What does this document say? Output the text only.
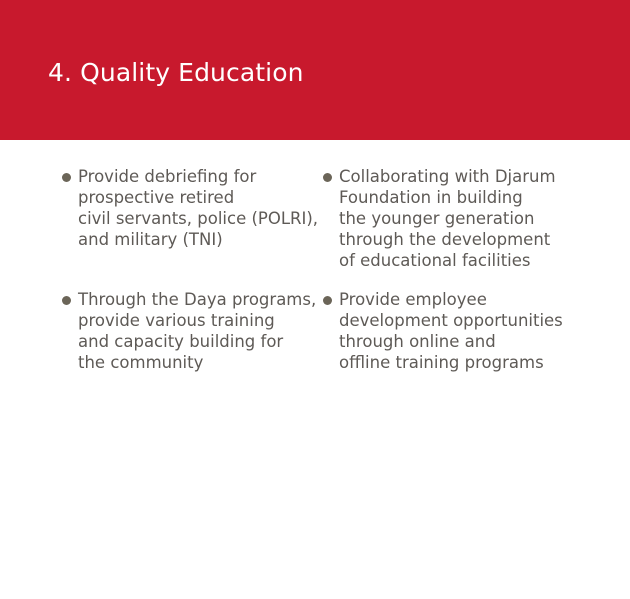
4. Quality Education
Provide debriefing for
prospective retired
civil servants, police (POLRI),
and military (TNI)
Through the Daya programs,
provide various training
and capacity building for
the community
Collaborating with Djarum
Foundation in building
the younger generation
through the development
of educational facilities
Provide employee
development opportunities
through online and
offline training programs
